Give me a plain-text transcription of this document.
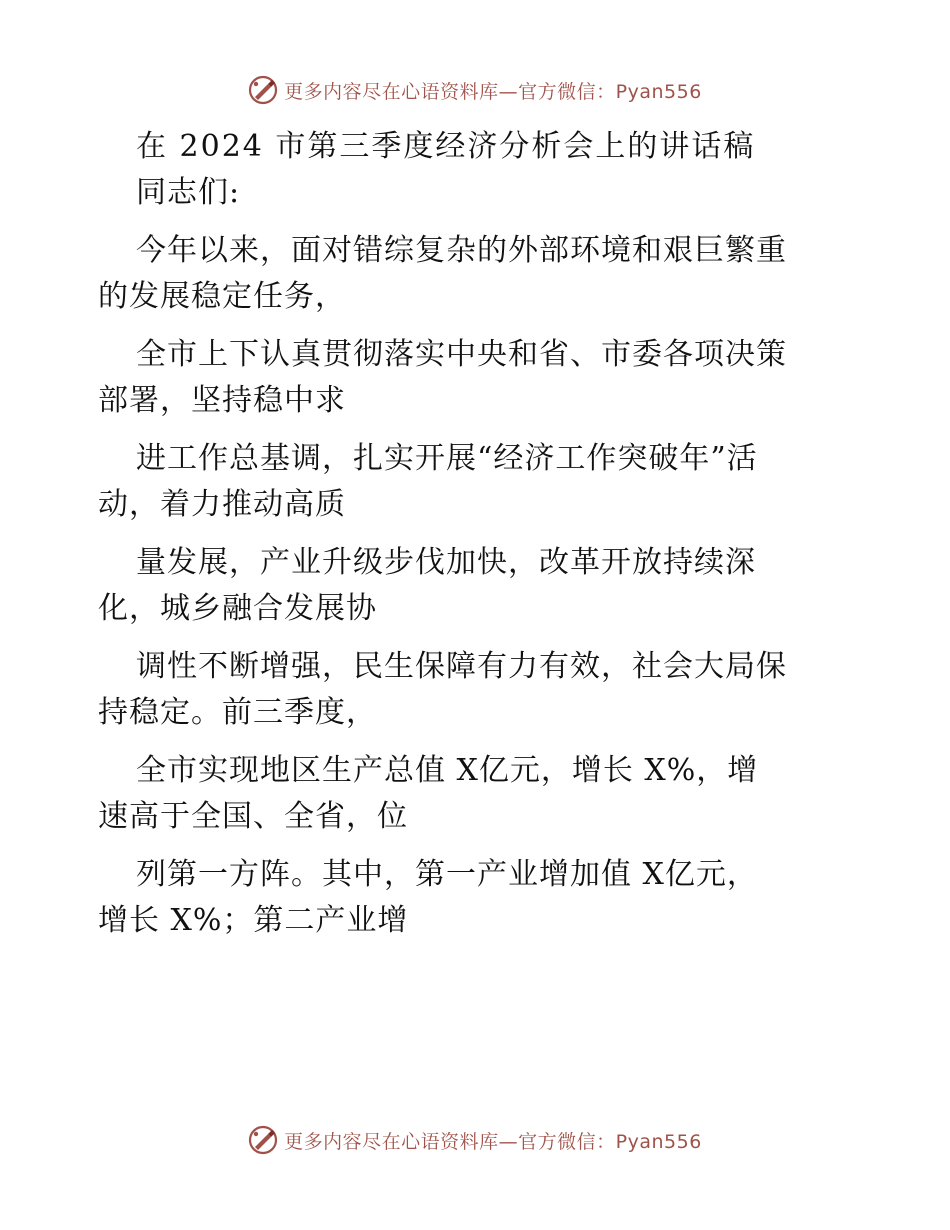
更多内容尽在心语资料库—官方微信：Pyan556
在 2024 市第三季度经济分析会上的讲话稿
同志们:
今年以来，面对错综复杂的外部环境和艰巨繁重
的发展稳定任务，
全市上下认真贯彻落实中央和省、市委各项决策
部署，坚持稳中求
进工作总基调，扎实开展“经济工作突破年”活
动，着力推动高质
量发展，产业升级步伐加快，改革开放持续深
化，城乡融合发展协
调性不断增强，民生保障有力有效，社会大局保
持稳定。前三季度，
全市实现地区生产总值 X亿元，增长 X%，增
速高于全国、全省，位
列第一方阵。其中，第一产业增加值 X亿元，
增长 X%；第二产业增
更多内容尽在心语资料库—官方微信：Pyan556
